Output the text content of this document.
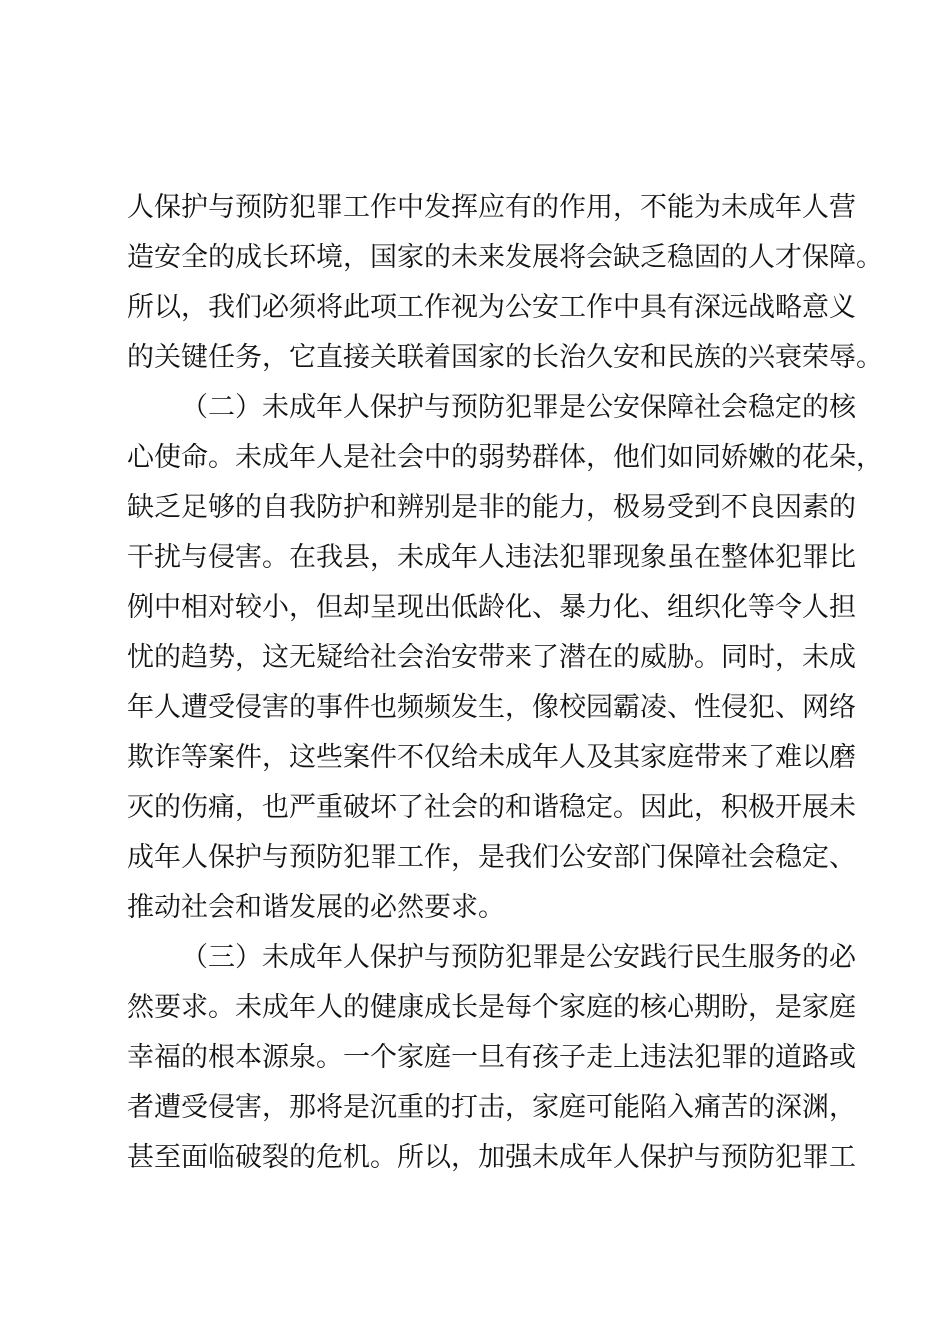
人保护与预防犯罪工作中发挥应有的作用，不能为未成年人营
造安全的成长环境，国家的未来发展将会缺乏稳固的人才保障。
所以，我们必须将此项工作视为公安工作中具有深远战略意义
的关键任务，它直接关联着国家的长治久安和民族的兴衰荣辱。
（二）未成年人保护与预防犯罪是公安保障社会稳定的核
心使命。未成年人是社会中的弱势群体，他们如同娇嫩的花朵，
缺乏足够的自我防护和辨别是非的能力，极易受到不良因素的
干扰与侵害。在我县，未成年人违法犯罪现象虽在整体犯罪比
例中相对较小，但却呈现出低龄化、暴力化、组织化等令人担
忧的趋势，这无疑给社会治安带来了潜在的威胁。同时，未成
年人遭受侵害的事件也频频发生，像校园霸凌、性侵犯、网络
欺诈等案件，这些案件不仅给未成年人及其家庭带来了难以磨
灭的伤痛，也严重破坏了社会的和谐稳定。因此，积极开展未
成年人保护与预防犯罪工作，是我们公安部门保障社会稳定、
推动社会和谐发展的必然要求。
（三）未成年人保护与预防犯罪是公安践行民生服务的必
然要求。未成年人的健康成长是每个家庭的核心期盼，是家庭
幸福的根本源泉。一个家庭一旦有孩子走上违法犯罪的道路或
者遭受侵害，那将是沉重的打击，家庭可能陷入痛苦的深渊，
甚至面临破裂的危机。所以，加强未成年人保护与预防犯罪工
